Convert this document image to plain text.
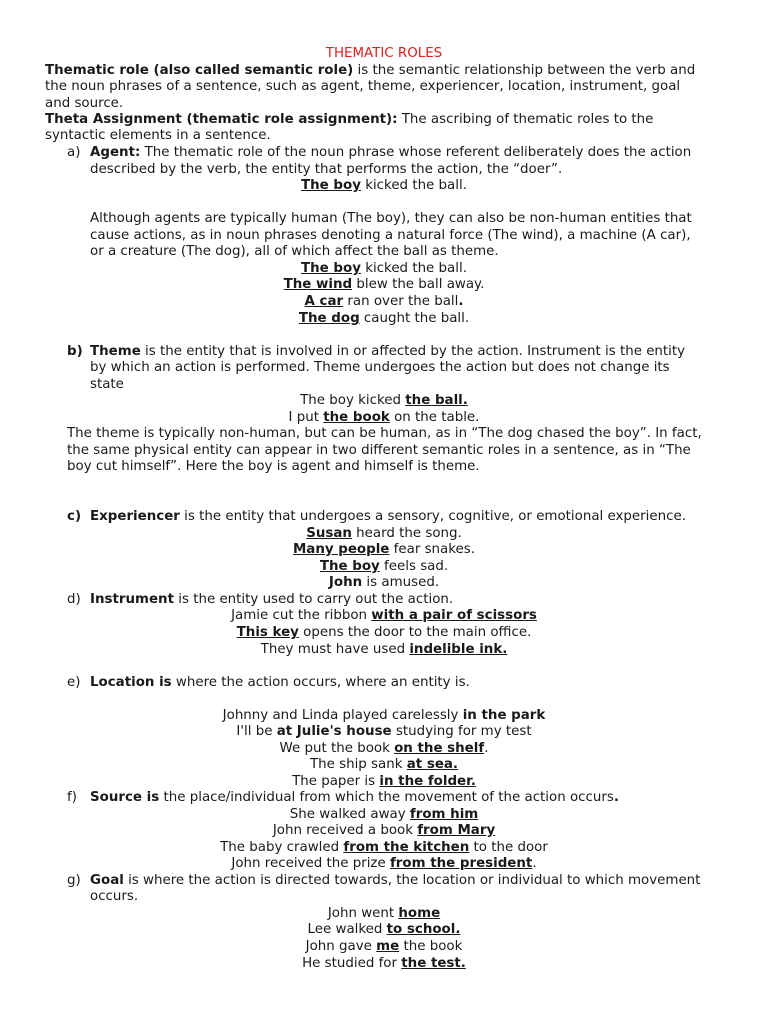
THEMATIC ROLES
Thematic role (also called semantic role) is the semantic relationship between the verb and
the noun phrases of a sentence, such as agent, theme, experiencer, location, instrument, goal
and source.
Theta Assignment (thematic role assignment): The ascribing of thematic roles to the
syntactic elements in a sentence.
a) Agent: The thematic role of the noun phrase whose referent deliberately does the action
described by the verb, the entity that performs the action, the “doer”.
The boy kicked the ball.
Although agents are typically human (The boy), they can also be non-human entities that
cause actions, as in noun phrases denoting a natural force (The wind), a machine (A car),
or a creature (The dog), all of which affect the ball as theme.
The boy kicked the ball.
The wind blew the ball away.
A car ran over the ball.
The dog caught the ball.
b) Theme is the entity that is involved in or affected by the action. Instrument is the entity
by which an action is performed. Theme undergoes the action but does not change its
state
The boy kicked the ball.
I put the book on the table.
The theme is typically non-human, but can be human, as in “The dog chased the boy”. In fact,
the same physical entity can appear in two different semantic roles in a sentence, as in “The
boy cut himself”. Here the boy is agent and himself is theme.
c) Experiencer is the entity that undergoes a sensory, cognitive, or emotional experience.
Susan heard the song.
Many people fear snakes.
The boy feels sad.
John is amused.
d) Instrument is the entity used to carry out the action.
Jamie cut the ribbon with a pair of scissors
This key opens the door to the main office.
They must have used indelible ink.
e) Location is where the action occurs, where an entity is.
Johnny and Linda played carelessly in the park
I'll be at Julie's house studying for my test
We put the book on the shelf.
The ship sank at sea.
The paper is in the folder.
f) Source is the place/individual from which the movement of the action occurs.
She walked away from him
John received a book from Mary
The baby crawled from the kitchen to the door
John received the prize from the president.
g) Goal is where the action is directed towards, the location or individual to which movement
occurs.
John went home
Lee walked to school.
John gave me the book
He studied for the test.
